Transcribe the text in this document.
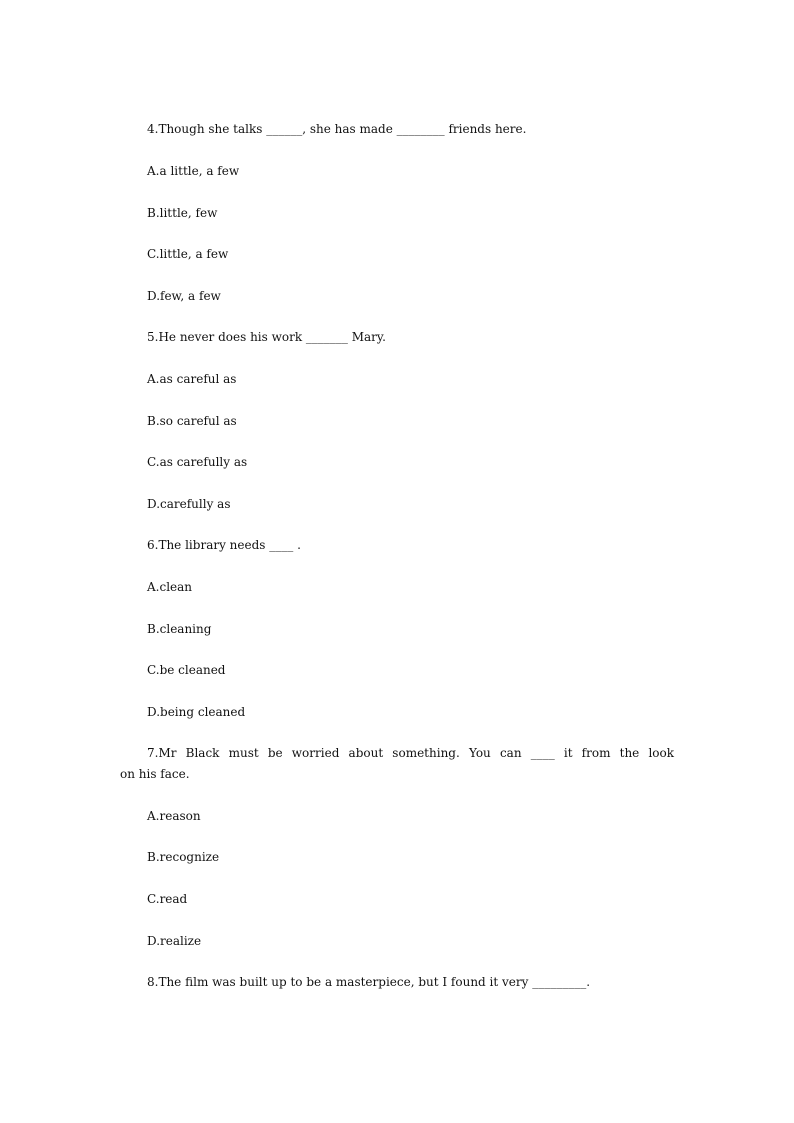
4.Though she talks ______, she has made ________ friends here.
A.a little, a few
B.little, few
C.little, a few
D.few, a few
5.He never does his work _______ Mary.
A.as careful as
B.so careful as
C.as carefully as
D.carefully as
6.The library needs ____ .
A.clean
B.cleaning
C.be cleaned
D.being cleaned
7.Mr Black must be worried about something. You can ____ it from the look
on his face.
A.reason
B.recognize
C.read
D.realize
8.The film was built up to be a masterpiece, but I found it very _________.
